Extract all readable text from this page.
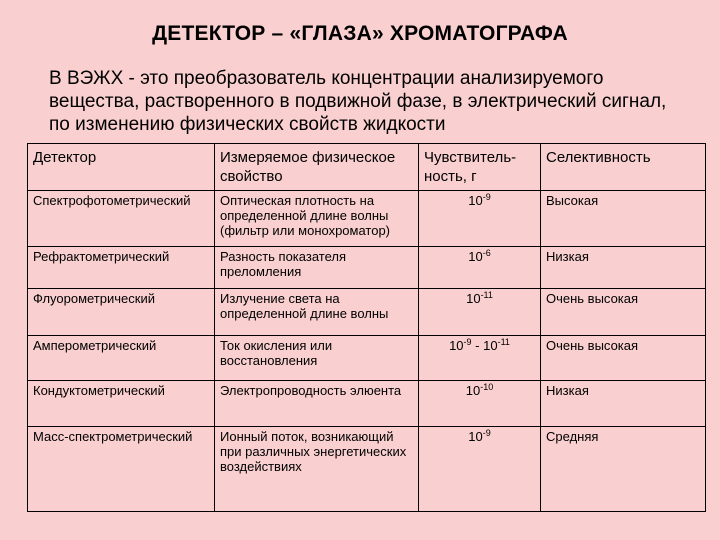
ДЕТЕКТОР – «ГЛАЗА» ХРОМАТОГРАФА
В ВЭЖХ - это преобразователь концентрации анализируемого вещества, растворенного в подвижной фазе, в электрический сигнал, по изменению физических свойств жидкости
Детектор	Измеряемое физическое свойство	Чувствитель-ность, г	Селективность
Спектрофотометрический	Оптическая плотность на определенной длине волны (фильтр или монохроматор)	$10^{-9}$	Высокая
Рефрактометрический	Разность показателя преломления	$10^{-6}$	Низкая
Флуорометрический	Излучение света на определенной длине волны	$10^{-11}$	Очень высокая
Амперометрический	Ток окисления или восстановления	$10^{-9} - 10^{-11}$	Очень высокая
Кондуктометрический	Электропроводность элюента	$10^{-10}$	Низкая
Масс-спектрометрический	Ионный поток, возникающий при различных энергетических воздействиях	$10^{-9}$	Средняя
